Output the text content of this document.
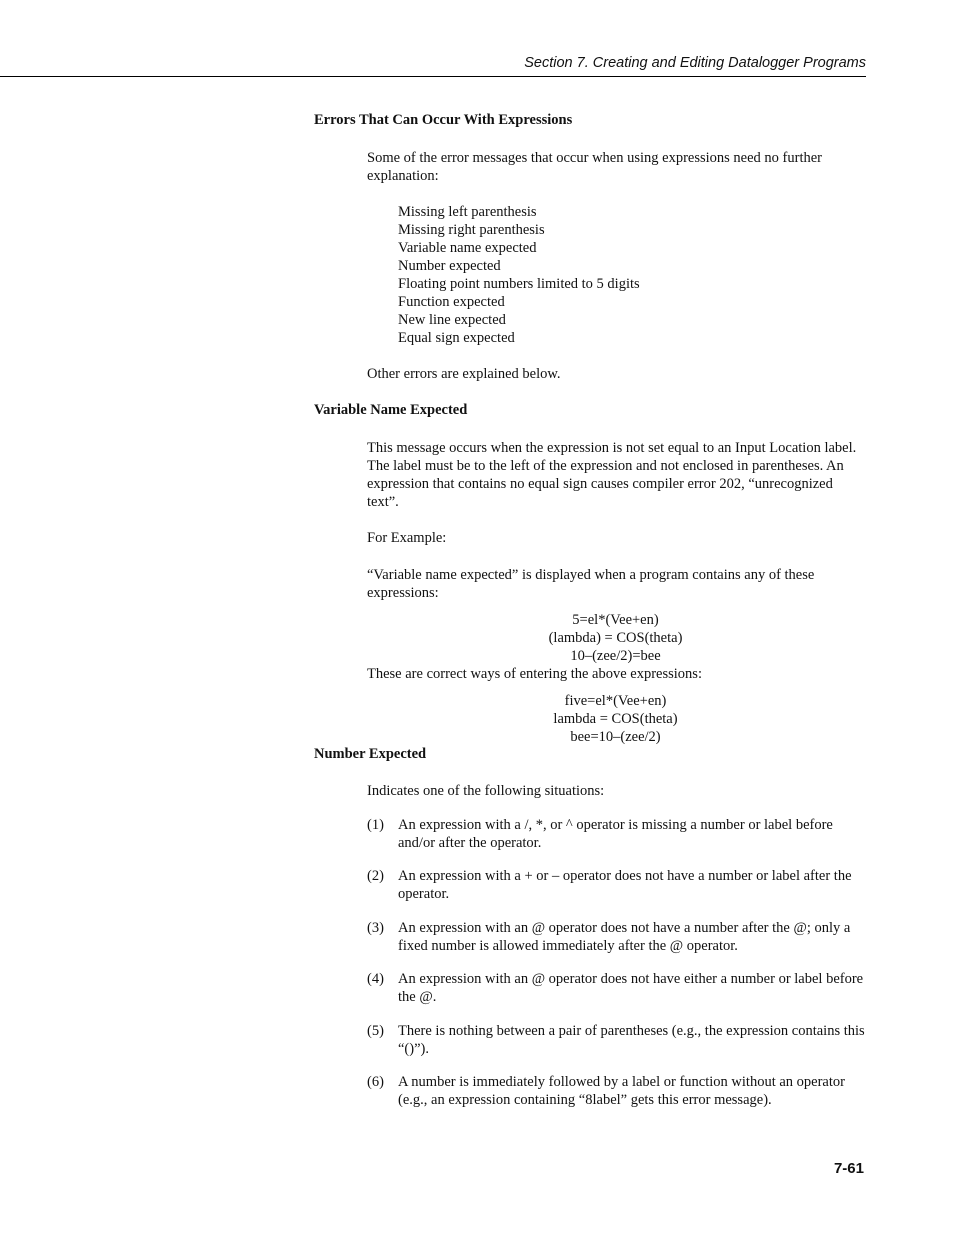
Section 7. Creating and Editing Datalogger Programs
Errors That Can Occur With Expressions
Some of the error messages that occur when using expressions need no further explanation:
Missing left parenthesis
Missing right parenthesis
Variable name expected
Number expected
Floating point numbers limited to 5 digits
Function expected
New line expected
Equal sign expected
Other errors are explained below.
Variable Name Expected
This message occurs when the expression is not set equal to an Input Location label. The label must be to the left of the expression and not enclosed in parentheses. An expression that contains no equal sign causes compiler error 202, “unrecognized text”.
For Example:
“Variable name expected” is displayed when a program contains any of these expressions:
5=el*(Vee+en)
(lambda) = COS(theta)
10–(zee/2)=bee
These are correct ways of entering the above expressions:
five=el*(Vee+en)
lambda = COS(theta)
bee=10–(zee/2)
Number Expected
Indicates one of the following situations:
(1) An expression with a /, *, or ^ operator is missing a number or label before and/or after the operator.
(2) An expression with a + or – operator does not have a number or label after the operator.
(3) An expression with an @ operator does not have a number after the @; only a fixed number is allowed immediately after the @ operator.
(4) An expression with an @ operator does not have either a number or label before the @.
(5) There is nothing between a pair of parentheses (e.g., the expression contains this “()”).
(6) A number is immediately followed by a label or function without an operator (e.g., an expression containing “8label” gets this error message).
7-61
